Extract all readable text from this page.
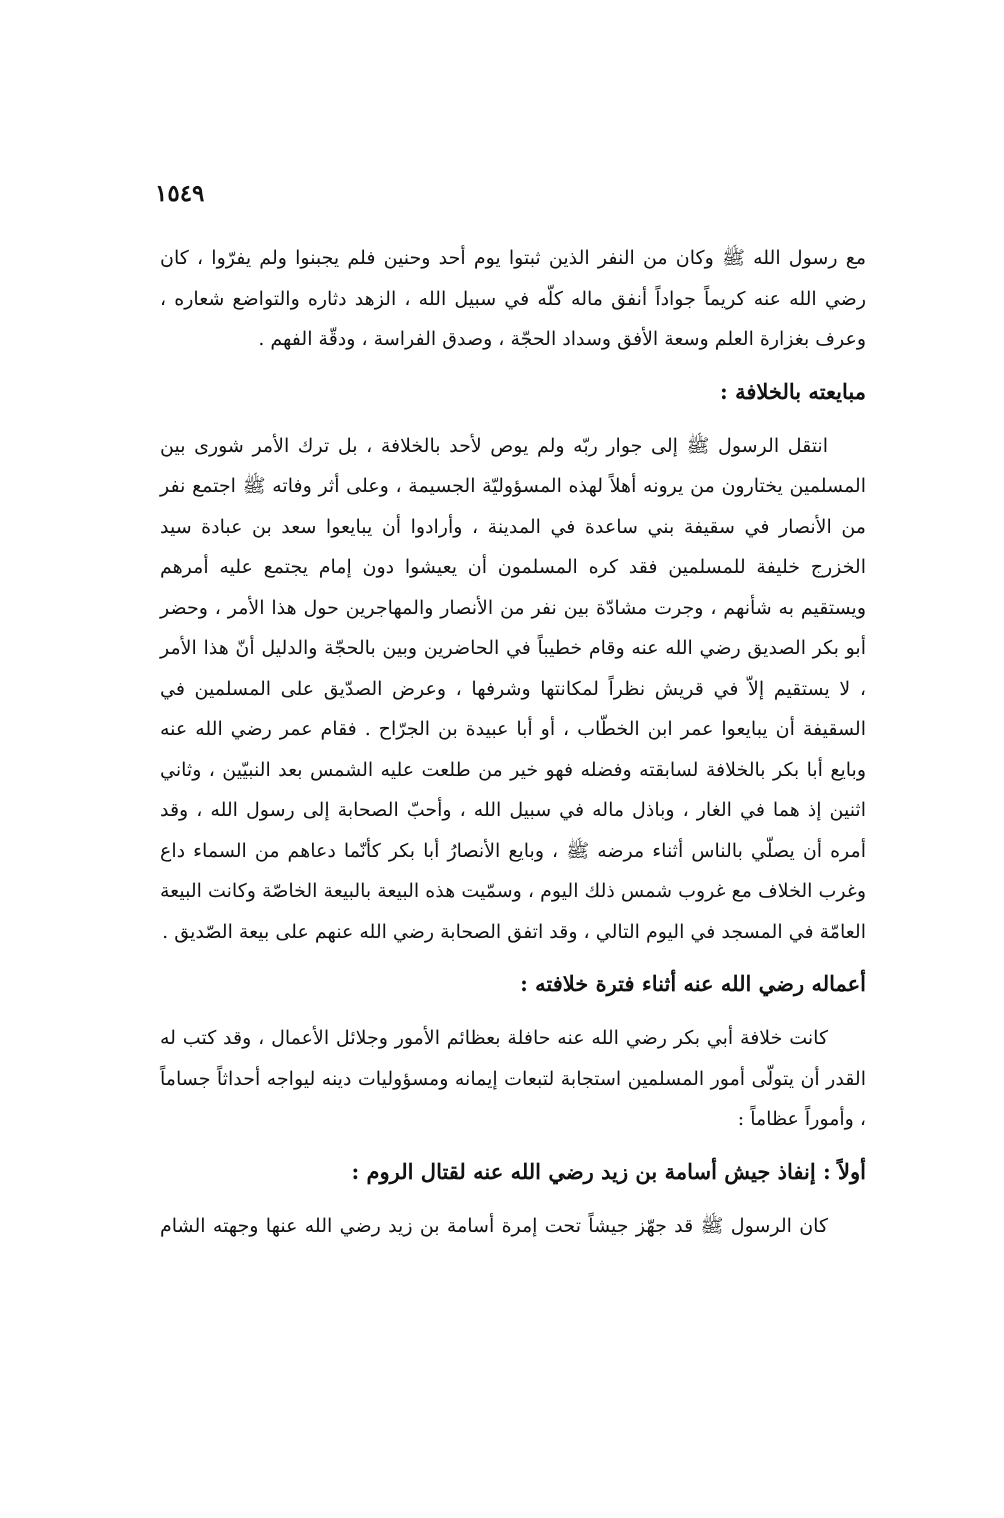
١٥٤٩

مع رسول الله ﷺ وكان من النفر الذين ثبتوا يوم أحد وحنين فلم يجبنوا ولم يفرّوا ، كان رضي الله عنه كريماً جواداً أنفق ماله كلّه في سبيل الله ، الزهد دثاره والتواضع شعاره ، وعرف بغزارة العلم وسعة الأفق وسداد الحجّة ، وصدق الفراسة ، ودقّة الفهم .

مبايعته بالخلافة :

انتقل الرسول ﷺ إلى جوار ربّه ولم يوص لأحد بالخلافة ، بل ترك الأمر شورى بين المسلمين يختارون من يرونه أهلاً لهذه المسؤوليّة الجسيمة ، وعلى أثر وفاته ﷺ اجتمع نفر من الأنصار في سقيفة بني ساعدة في المدينة ، وأرادوا أن يبايعوا سعد بن عبادة سيد الخزرج خليفة للمسلمين فقد كره المسلمون أن يعيشوا دون إمام يجتمع عليه أمرهم ويستقيم به شأنهم ، وجرت مشادّة بين نفر من الأنصار والمهاجرين حول هذا الأمر ، وحضر أبو بكر الصديق رضي الله عنه وقام خطيباً في الحاضرين وبين بالحجّة والدليل أنّ هذا الأمر ، لا يستقيم إلاّ في قريش نظراً لمكانتها وشرفها ، وعرض الصدّيق على المسلمين في السقيفة أن يبايعوا عمر ابن الخطّاب ، أو أبا عبيدة بن الجرّاح . فقام عمر رضي الله عنه وبايع أبا بكر بالخلافة لسابقته وفضله فهو خير من طلعت عليه الشمس بعد النبيّين ، وثاني اثنين إذ هما في الغار ، وباذل ماله في سبيل الله ، وأحبّ الصحابة إلى رسول الله ، وقد أمره أن يصلّي بالناس أثناء مرضه ﷺ ، وبايع الأنصارُ أبا بكر كأنّما دعاهم من السماء داع وغرب الخلاف مع غروب شمس ذلك اليوم ، وسمّيت هذه البيعة بالبيعة الخاصّة وكانت البيعة العامّة في المسجد في اليوم التالي ، وقد اتفق الصحابة رضي الله عنهم على بيعة الصّديق .

أعماله رضي الله عنه أثناء فترة خلافته :

كانت خلافة أبي بكر رضي الله عنه حافلة بعظائم الأمور وجلائل الأعمال ، وقد كتب له القدر أن يتولّى أمور المسلمين استجابة لتبعات إيمانه ومسؤوليات دينه ليواجه أحداثاً جساماً ، وأموراً عظاماً :

أولاً : إنفاذ جيش أسامة بن زيد رضي الله عنه لقتال الروم :

كان الرسول ﷺ قد جهّز جيشاً تحت إمرة أسامة بن زيد رضي الله عنها وجهته الشام
